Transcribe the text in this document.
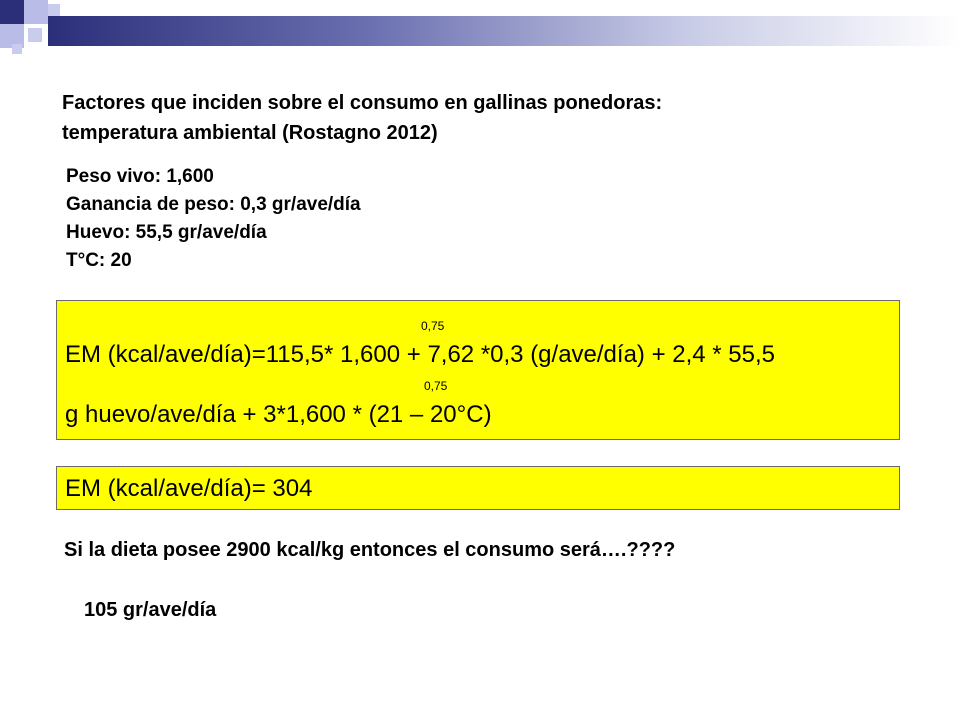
Factores que inciden sobre el consumo en gallinas ponedoras:
temperatura ambiental (Rostagno 2012)
Peso vivo: 1,600
Ganancia de peso: 0,3 gr/ave/día
Huevo: 55,5 gr/ave/día
T°C: 20
0,75
EM (kcal/ave/día)=115,5* 1,600 + 7,62 *0,3 (g/ave/día) + 2,4 * 55,5
0,75
g huevo/ave/día + 3*1,600 * (21 – 20°C)
EM (kcal/ave/día)= 304
Si la dieta posee 2900 kcal/kg entonces el consumo será….????
105 gr/ave/día
